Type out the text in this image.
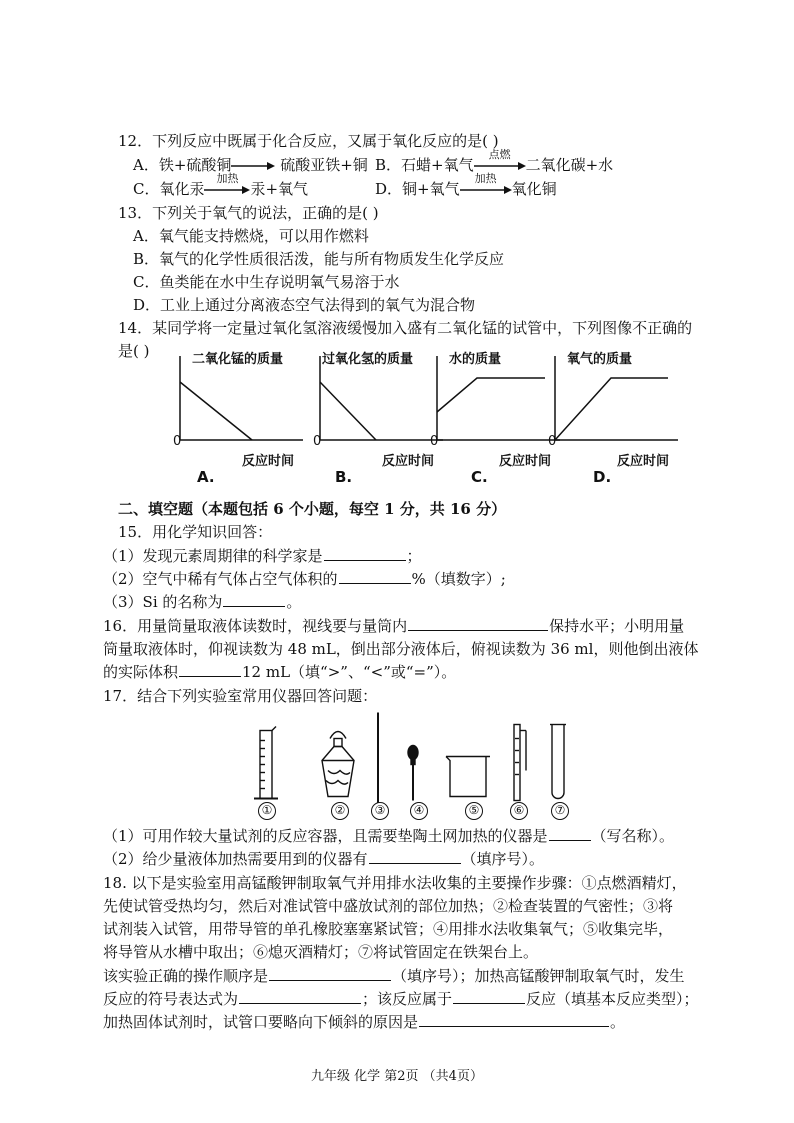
12．下列反应中既属于化合反应，又属于氧化反应的是( )
A．铁+硫酸铜	硫酸亚铁+铜 B．石蜡+氧气
点燃
二氧化碳+水
C．氧化汞
加热
汞+氧气	D．铜+氧气
加热
氧化铜
13．下列关于氧气的说法，正确的是( )
A．氧气能支持燃烧，可以用作燃料
B．氧气的化学性质很活泼，能与所有物质发生化学反应
C．鱼类能在水中生存说明氧气易溶于水
D．工业上通过分离液态空气法得到的氧气为混合物
14．某同学将一定量过氧化氢溶液缓慢加入盛有二氧化锰的试管中，下列图像不正确的
是( )	二氧化锰的质量
0
反应时间
A.
过氧化氢的质量
0
反应时间
B.
水的质量
0
反应时间
C.
氧气的质量
0
反应时间
D.
二、填空题（本题包括 6 个小题，每空 1 分，共 16 分）
15．用化学知识回答：
（1）发现元素周期律的科学家是	；
（2）空气中稀有气体占空气体积的	%（填数字）;
（3）Si 的名称为	。
16．用量筒量取液体读数时，视线要与量筒内	保持水平；小明用量
筒量取液体时，仰视读数为 48 mL，倒出部分液体后，俯视读数为 36 ml，则他倒出液体
的实际体积	12 mL（填“>”、“<”或“=”）。
17．结合下列实验室常用仪器回答问题：
①	②	③	④	⑤	⑥	⑦
（1）可用作较大量试剂的反应容器，且需要垫陶土网加热的仪器是	（写名称）。
（2）给少量液体加热需要用到的仪器有	（填序号）。
18. 以下是实验室用高锰酸钾制取氧气并用排水法收集的主要操作步骤：①点燃酒精灯，
先使试管受热均匀，然后对准试管中盛放试剂的部位加热；②检查装置的气密性；③将
试剂装入试管，用带导管的单孔橡胶塞塞紧试管；④用排水法收集氧气；⑤收集完毕，
将导管从水槽中取出；⑥熄灭酒精灯；⑦将试管固定在铁架台上。
该实验正确的操作顺序是	（填序号）；加热高锰酸钾制取氧气时，发生
反应的符号表达式为	；该反应属于	反应（填基本反应类型）；
加热固体试剂时，试管口要略向下倾斜的原因是	。
九年级 化学 第2页 （共4页）
